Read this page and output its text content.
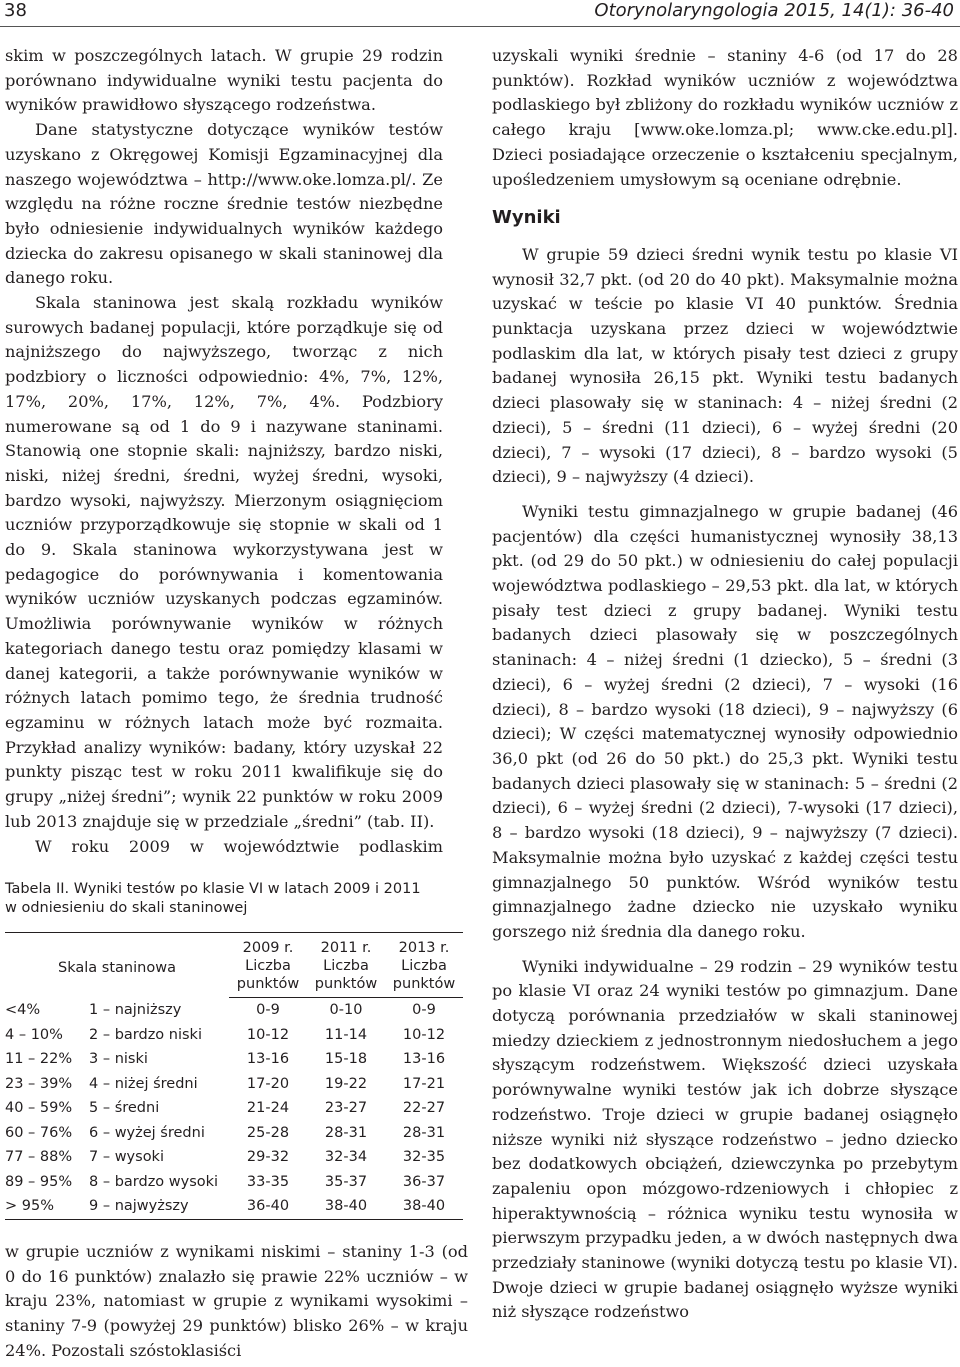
38	Otorynolaryngologia 2015, 14(1): 36-40

skim w poszczególnych latach. W grupie 29 rodzin porównano indywidualne wyniki testu pacjenta do wyników prawidłowo słyszącego rodzeństwa.

Dane statystyczne dotyczące wyników testów uzyskano z Okręgowej Komisji Egzaminacyjnej dla naszego województwa – http://www.oke.lomza.pl/. Ze względu na różne roczne średnie testów niezbędne było odniesienie indywidualnych wyników każdego dziecka do zakresu opisanego w skali staninowej dla danego roku.

Skala staninowa jest skalą rozkładu wyników surowych badanej populacji, które porządkuje się od najniższego do najwyższego, tworząc z nich podzbiory o liczności odpowiednio: 4%, 7%, 12%, 17%, 20%, 17%, 12%, 7%, 4%. Podzbiory numerowane są od 1 do 9 i nazywane staninami. Stanowią one stopnie skali: najniższy, bardzo niski, niski, niżej średni, średni, wyżej średni, wysoki, bardzo wysoki, najwyższy. Mierzonym osiągnięciom uczniów przyporządkowuje się stopnie w skali od 1 do 9. Skala staninowa wykorzystywana jest w pedagogice do porównywania i komentowania wyników uczniów uzyskanych podczas egzaminów. Umożliwia porównywanie wyników w różnych kategoriach danego testu oraz pomiędzy klasami w danej kategorii, a także porównywanie wyników w różnych latach pomimo tego, że średnia trudność egzaminu w różnych latach może być rozmaita. Przykład analizy wyników: badany, który uzyskał 22 punkty pisząc test w roku 2011 kwalifikuje się do grupy „niżej średni”; wynik 22 punktów w roku 2009 lub 2013 znajduje się w przedziale „średni” (tab. II).

W roku 2009 w województwie podlaskim

Tabela II. Wyniki testów po klasie VI w latach 2009 i 2011
w odniesieniu do skali staninowej
Skala staninowa		2009 r.	2011 r.	2013 r.
		Liczba	Liczba	Liczba
		punktów	punktów	punktów
<4%	1 – najniższy	0-9	0-10	0-9
4 – 10%	2 – bardzo niski	10-12	11-14	10-12
11 – 22%	3 – niski	13-16	15-18	13-16
23 – 39%	4 – niżej średni	17-20	19-22	17-21
40 – 59%	5 – średni	21-24	23-27	22-27
60 – 76%	6 – wyżej średni	25-28	28-31	28-31
77 – 88%	7 – wysoki	29-32	32-34	32-35
89 – 95%	8 – bardzo wysoki	33-35	35-37	36-37
> 95%	9 – najwyższy	36-40	38-40	38-40

w grupie uczniów z wynikami niskimi – staniny 1-3 (od 0 do 16 punktów) znalazło się prawie 22% uczniów – w kraju 23%, natomiast w grupie z wynikami wysokimi – staniny 7-9 (powyżej 29 punktów) blisko 26% – w kraju 24%. Pozostali szóstoklasiści

uzyskali wyniki średnie – staniny 4-6 (od 17 do 28 punktów). Rozkład wyników uczniów z województwa podlaskiego był zbliżony do rozkładu wyników uczniów z całego kraju [www.oke.lomza.pl; www.cke.edu.pl]. Dzieci posiadające orzeczenie o kształceniu specjalnym, upośledzeniem umysłowym są oceniane odrębnie.

Wyniki

W grupie 59 dzieci średni wynik testu po klasie VI wynosił 32,7 pkt. (od 20 do 40 pkt). Maksymalnie można uzyskać w teście po klasie VI 40 punktów. Średnia punktacja uzyskana przez dzieci w województwie podlaskim dla lat, w których pisały test dzieci z grupy badanej wynosiła 26,15 pkt. Wyniki testu badanych dzieci plasowały się w staninach: 4 – niżej średni (2 dzieci), 5 – średni (11 dzieci), 6 – wyżej średni (20 dzieci), 7 – wysoki (17 dzieci), 8 – bardzo wysoki (5 dzieci), 9 – najwyższy (4 dzieci).

Wyniki testu gimnazjalnego w grupie badanej (46 pacjentów) dla części humanistycznej wynosiły 38,13 pkt. (od 29 do 50 pkt.) w odniesieniu do całej populacji województwa podlaskiego – 29,53 pkt. dla lat, w których pisały test dzieci z grupy badanej. Wyniki testu badanych dzieci plasowały się w poszczególnych staninach: 4 – niżej średni (1 dziecko), 5 – średni (3 dzieci), 6 – wyżej średni (2 dzieci), 7 – wysoki (16 dzieci), 8 – bardzo wysoki (18 dzieci), 9 – najwyższy (6 dzieci); W części matematycznej wynosiły odpowiednio 36,0 pkt (od 26 do 50 pkt.) do 25,3 pkt. Wyniki testu badanych dzieci plasowały się w staninach: 5 – średni (2 dzieci), 6 – wyżej średni (2 dzieci), 7-wysoki (17 dzieci), 8 – bardzo wysoki (18 dzieci), 9 – najwyższy (7 dzieci). Maksymalnie można było uzyskać z każdej części testu gimnazjalnego 50 punktów. Wśród wyników testu gimnazjalnego żadne dziecko nie uzyskało wyniku gorszego niż średnia dla danego roku.

Wyniki indywidualne – 29 rodzin – 29 wyników testu po klasie VI oraz 24 wyniki testów po gimnazjum. Dane dotyczą porównania przedziałów w skali staninowej miedzy dzieckiem z jednostronnym niedosłuchem a jego słyszącym rodzeństwem. Większość dzieci uzyskała porównywalne wyniki testów jak ich dobrze słyszące rodzeństwo. Troje dzieci w grupie badanej osiągnęło niższe wyniki niż słyszące rodzeństwo – jedno dziecko bez dodatkowych obciążeń, dziewczynka po przebytym zapaleniu opon mózgowo-rdzeniowych i chłopiec z hiperaktywnością – różnica wyniku testu wynosiła w pierwszym przypadku jeden, a w dwóch następnych dwa przedziały staninowe (wyniki dotyczą testu po klasie VI). Dwoje dzieci w grupie badanej osiągnęło wyższe wyniki niż słyszące rodzeństwo
